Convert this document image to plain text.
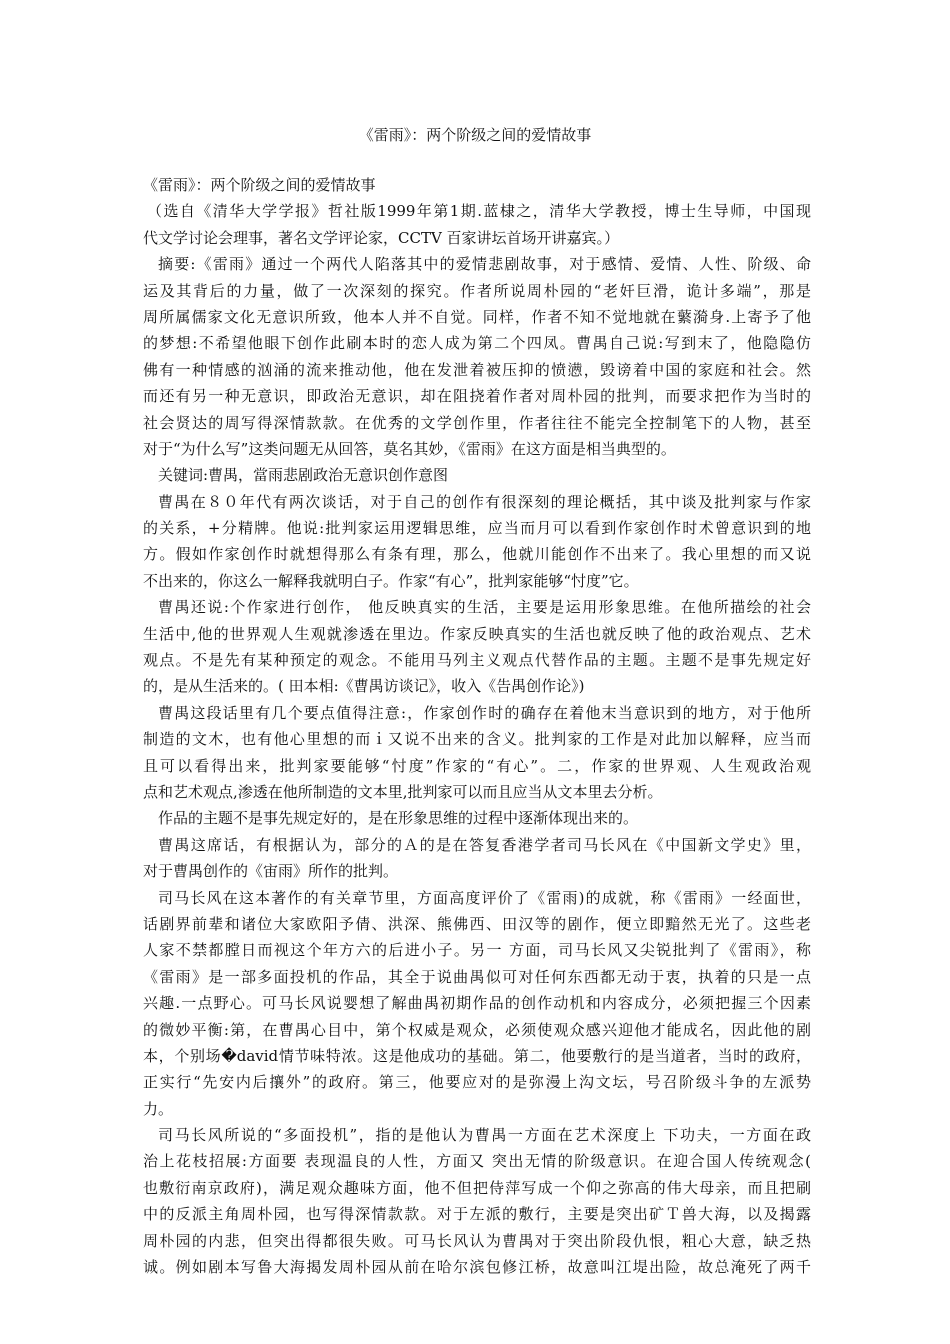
《雷雨》：两个阶级之间的爱情故事

《雷雨》：两个阶级之间的爱情故事

（选自《清华大学学报》哲社版1999年第1期.蓝棣之，清华大学教授，博士生导师，中国现

代文学讨论会理事，著名文学评论家，CCTV 百家讲坛首场开讲嘉宾。）

摘要:《雷雨》通过一个两代人陷落其中的爱情悲剧故事，对于感情、爱情、人性、阶级、命

运及其背后的力量，做了一次深刻的探究。作者所说周朴园的“老奸巨滑，诡计多端”，那是

周所属儒家文化无意识所致，他本人并不自觉。同样，作者不知不觉地就在蘩漪身.上寄予了他

的梦想:不希望他眼下创作此刷本时的恋人成为第二个四凤。曹禺自己说:写到末了，他隐隐仿

佛有一种情感的汹涌的流来推动他，他在发泄着被压抑的愤懑，毁谤着中国的家庭和社会。然

而还有另一种无意识，即政治无意识，却在阻挠着作者对周朴园的批判，而要求把作为当时的

社会贤达的周写得深情款款。在优秀的文学创作里，作者往往不能完全控制笔下的人物，甚至

对于“为什么写”这类问题无从回答，莫名其妙，《雷雨》在这方面是相当典型的。

关键词:曹禺，當雨悲剧政治无意识创作意图

曹禺在８０年代有两次谈话，对于自己的创作有很深刻的理论概括，其中谈及批判家与作家

的关系，+分精牌。他说:批判家运用逻辑思维，应当而月可以看到作家创作时术曾意识到的地

方。假如作家创作时就想得那么有条有理，那么，他就川能创作不出来了。我心里想的而又说

不出来的，你这么一解释我就明白子。作家“有心”，批判家能够“忖度”它。

曹禺还说:个作家进行创作， 他反映真实的生活，主要是运用形象思维。在他所描绘的社会

生活中,他的世界观人生观就渗透在里边。作家反映真实的生活也就反映了他的政治观点、艺术

观点。不是先有某种预定的观念。不能用马列主义观点代替作品的主题。主题不是事先规定好

的，是从生活来的。( 田本相:《曹禺访谈记》，收入《告禺创作论》)

曹禺这段话里有几个要点值得注意:，作家创作时的确存在着他末当意识到的地方，对于他所

制造的文木，也有他心里想的而ｉ又说不出来的含义。批判家的工作是对此加以解释，应当而

且可以看得出来，批判家要能够“忖度”作家的“有心”。二，作家的世界观、人生观政治观

点和艺术观点,渗透在他所制造的文本里,批判家可以而且应当从文本里去分析。

作品的主题不是事先规定好的，是在形象思维的过程中逐渐体现出来的。

曹禺这席话，有根据认为，部分的Ａ的是在答复香港学者司马长风在《中国新文学史》里，

对于曹禺创作的《宙雨》所作的批判。

司马长风在这本著作的有关章节里，方面高度评价了《雷雨)的成就，称《雷雨》一经面世，

话剧界前辈和诸位大家欧阳予倩、洪深、熊佛西、田汉等的剧作，便立即黯然无光了。这些老

人家不禁都膛日而视这个年方六的后进小子。另一 方面，司马长风又尖锐批判了《雷雨》，称

《雷雨》是一部多面投机的作品，其全于说曲禺似可对任何东西都无动于衷，执着的只是一点

兴趣.一点野心。可马长风说婴想了解曲禺初期作品的创作动机和内容成分，必须把握三个因素

的微妙平衡:第，在曹禺心目中，第个权威是观众，必须使观众感兴迎他才能成名，因此他的剧

本，个别场�david情节味特浓。这是他成功的基础。第二，他要敷行的是当道者，当时的政府，

正实行“先安内后攘外”的政府。第三，他要应对的是弥漫上沟文坛，号召阶级斗争的左派势

力。

司马长风所说的“多面投机”，指的是他认为曹禺一方面在艺术深度上 下功夫，一方面在政

治上花枝招展:方面要 表现温良的人性，方面又 突出无情的阶级意识。在迎合国人传统观念(

也敷衍南京政府)，满足观众趣味方面，他不但把侍萍写成一个仰之弥高的伟大母亲，而且把刷

中的反派主角周朴园，也写得深情款款。对于左派的敷行，主要是突出矿Ｔ兽大海，以及揭露

周朴园的内悲，但突出得都很失败。可马长风认为曹禺对于突出阶段仇恨，粗心大意，缺乏热

诚。例如剧本写鲁大海揭发周朴园从前在哈尔滨包修江桥，故意叫江堤出险，故总淹死了两千
